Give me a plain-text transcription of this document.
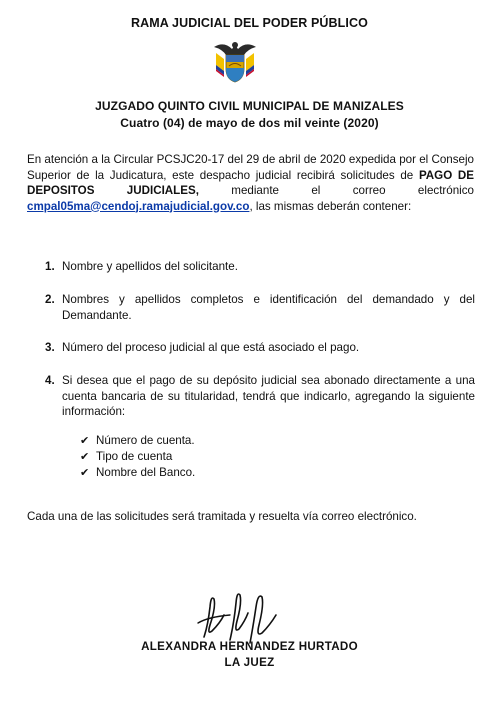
RAMA JUDICIAL DEL PODER PÚBLICO
JUZGADO QUINTO CIVIL MUNICIPAL DE MANIZALES
Cuatro (04) de mayo de dos mil veinte (2020)
En atención a la Circular PCSJC20-17 del 29 de abril de 2020 expedida por el Consejo Superior de la Judicatura, este despacho judicial recibirá solicitudes de PAGO DE DEPOSITOS JUDICIALES, mediante el correo electrónico cmpal05ma@cendoj.ramajudicial.gov.co, las mismas deberán contener:
1. Nombre y apellidos del solicitante.
2. Nombres y apellidos completos e identificación del demandado y del Demandante.
3. Número del proceso judicial al que está asociado el pago.
4. Si desea que el pago de su depósito judicial sea abonado directamente a una cuenta bancaria de su titularidad, tendrá que indicarlo, agregando la siguiente información:
✔ Número de cuenta.
✔ Tipo de cuenta
✔ Nombre del Banco.
Cada una de las solicitudes será tramitada y resuelta vía correo electrónico.
ALEXANDRA HERNANDEZ HURTADO
LA JUEZ
